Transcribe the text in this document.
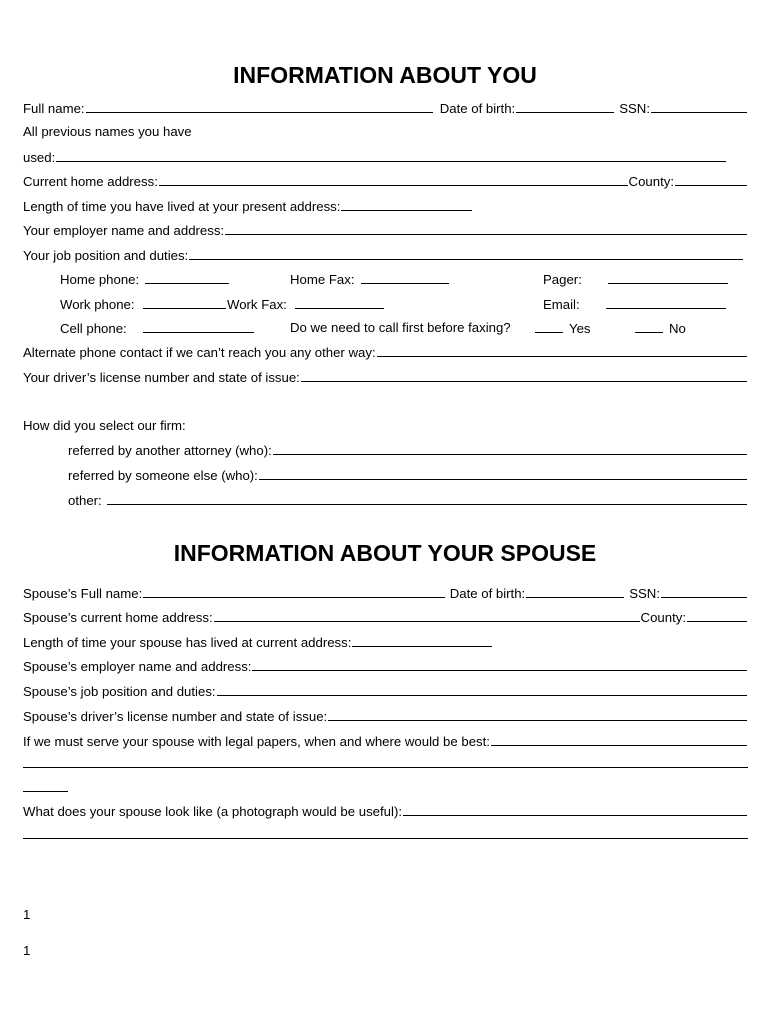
INFORMATION ABOUT YOU
Full name:	Date of birth:	SSN:
All previous names you have
used:
Current home address:	County:
Length of time you have lived at your present address:
Your employer name and address:
Your job position and duties:
Home phone:	Home Fax:	Pager:
Work phone:	Work Fax:	Email:
Cell phone:	Do we need to call first before faxing?	Yes	No
Alternate phone contact if we can’t reach you any other way:
Your driver’s license number and state of issue:
How did you select our firm:
referred by another attorney (who):
referred by someone else (who):
other:
INFORMATION ABOUT YOUR SPOUSE
Spouse’s Full name:	Date of birth:	SSN:
Spouse’s current home address:	County:
Length of time your spouse has lived at current address:
Spouse’s employer name and address:
Spouse’s job position and duties:
Spouse’s driver’s license number and state of issue:
If we must serve your spouse with legal papers, when and where would be best:
What does your spouse look like (a photograph would be useful):
1
1
